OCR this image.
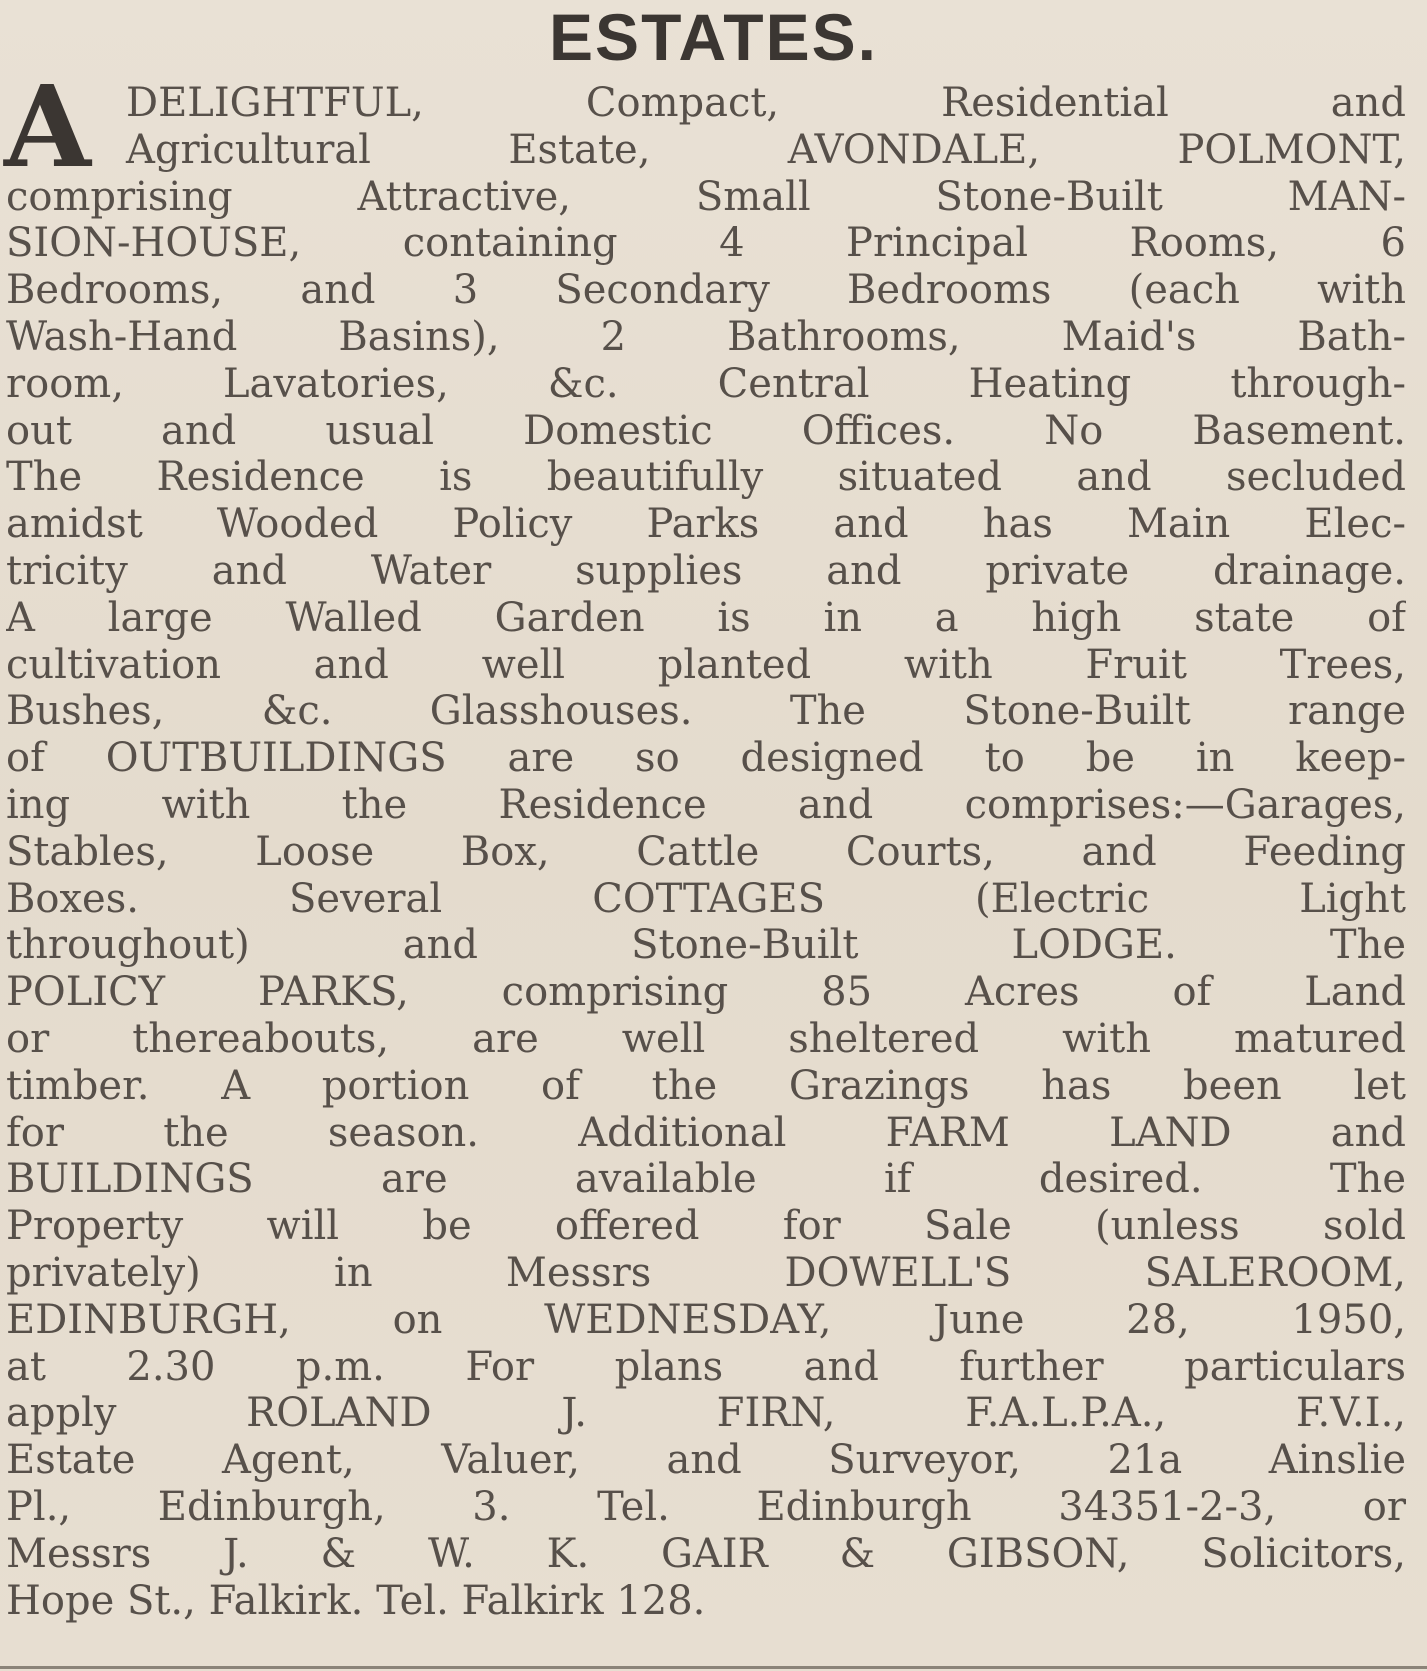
ESTATES.
A DELIGHTFUL, Compact, Residential and
Agricultural Estate, AVONDALE, POLMONT,
comprising Attractive, Small Stone-Built MAN-
SION-HOUSE, containing 4 Principal Rooms, 6
Bedrooms, and 3 Secondary Bedrooms (each with
Wash-Hand Basins), 2 Bathrooms, Maid's Bath-
room, Lavatories, &c. Central Heating through-
out and usual Domestic Offices. No Basement.
The Residence is beautifully situated and secluded
amidst Wooded Policy Parks and has Main Elec-
tricity and Water supplies and private drainage.
A large Walled Garden is in a high state of
cultivation and well planted with Fruit Trees,
Bushes, &c. Glasshouses. The Stone-Built range
of OUTBUILDINGS are so designed to be in keep-
ing with the Residence and comprises:—Garages,
Stables, Loose Box, Cattle Courts, and Feeding
Boxes. Several COTTAGES (Electric Light
throughout) and Stone-Built LODGE. The
POLICY PARKS, comprising 85 Acres of Land
or thereabouts, are well sheltered with matured
timber. A portion of the Grazings has been let
for the season. Additional FARM LAND and
BUILDINGS are available if desired. The
Property will be offered for Sale (unless sold
privately) in Messrs DOWELL'S SALEROOM,
EDINBURGH, on WEDNESDAY, June 28, 1950,
at 2.30 p.m. For plans and further particulars
apply ROLAND J. FIRN, F.A.L.P.A., F.V.I.,
Estate Agent, Valuer, and Surveyor, 21a Ainslie
Pl., Edinburgh, 3. Tel. Edinburgh 34351-2-3, or
Messrs J. & W. K. GAIR & GIBSON, Solicitors,
Hope St., Falkirk. Tel. Falkirk 128.
